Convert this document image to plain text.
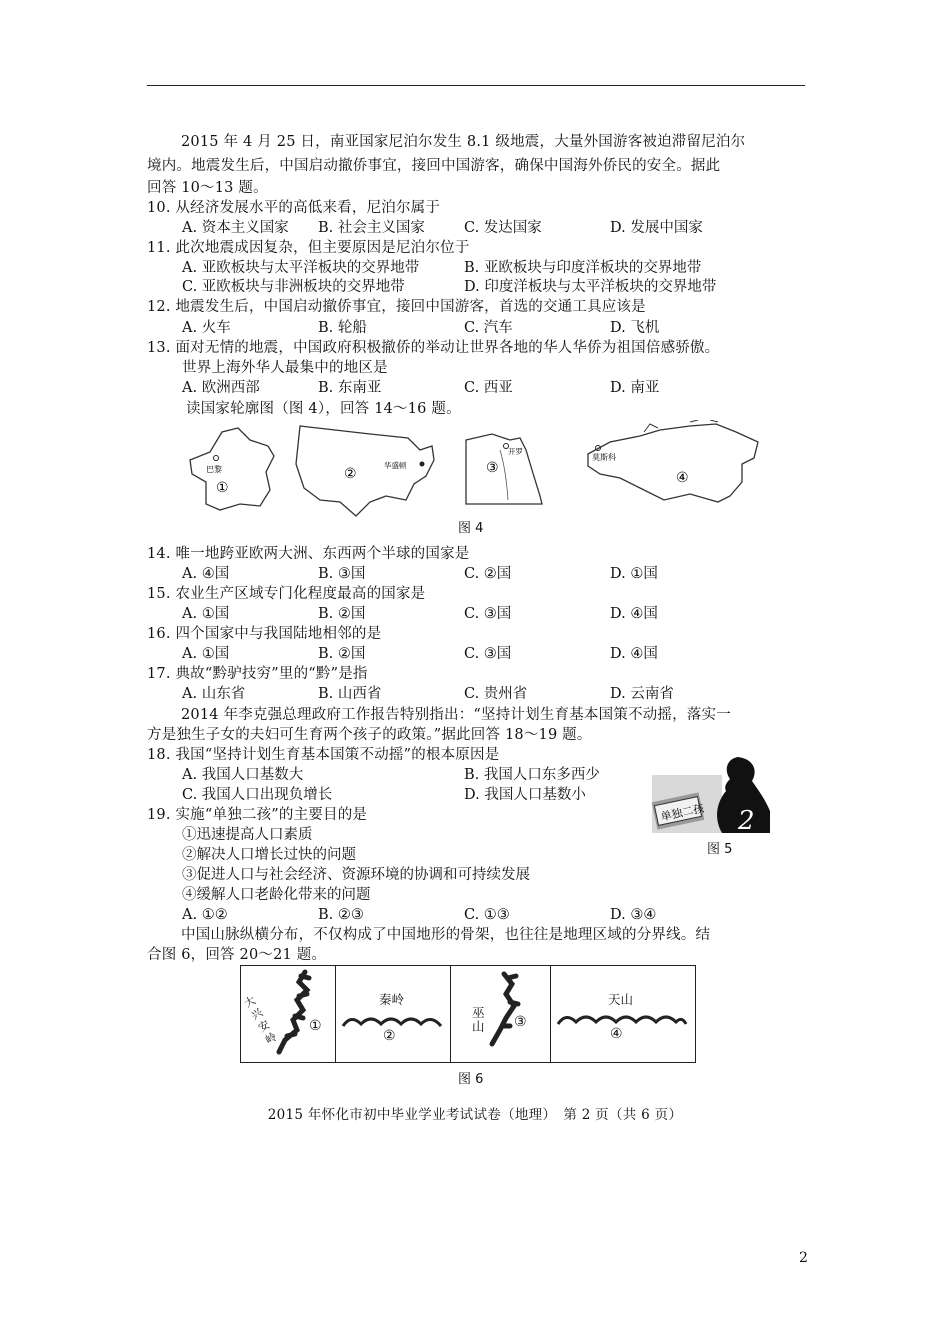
2015 年 4 月 25 日，南亚国家尼泊尔发生 8.1 级地震，大量外国游客被迫滞留尼泊尔
境内。地震发生后，中国启动撤侨事宜，接回中国游客，确保中国海外侨民的安全。据此
回答 10～13 题。
10. 从经济发展水平的高低来看，尼泊尔属于
A. 资本主义国家 B. 社会主义国家	C. 发达国家	D. 发展中国家
11. 此次地震成因复杂，但主要原因是尼泊尔位于
A. 亚欧板块与太平洋板块的交界地带	B. 亚欧板块与印度洋板块的交界地带
C. 亚欧板块与非洲板块的交界地带	D. 印度洋板块与太平洋板块的交界地带
12. 地震发生后，中国启动撤侨事宜，接回中国游客，首选的交通工具应该是
A. 火车	B. 轮船	C. 汽车	D. 飞机
13. 面对无情的地震，中国政府积极撤侨的举动让世界各地的华人华侨为祖国倍感骄傲。
世界上海外华人最集中的地区是
A. 欧洲西部	B. 东南亚	C. 西亚	D. 南亚
读国家轮廓图（图 4），回答 14～16 题。
巴黎
①
华盛顿
②
开罗
③
莫斯科
④
图 4
14. 唯一地跨亚欧两大洲、东西两个半球的国家是
A. ④国	B. ③国	C. ②国	D. ①国
15. 农业生产区域专门化程度最高的国家是
A. ①国	B. ②国	C. ③国	D. ④国
16. 四个国家中与我国陆地相邻的是
A. ①国	B. ②国	C. ③国	D. ④国
17. 典故“黔驴技穷”里的“黔”是指
A. 山东省	B. 山西省	C. 贵州省	D. 云南省
2014 年李克强总理政府工作报告特别指出：“坚持计划生育基本国策不动摇，落实一
方是独生子女的夫妇可生育两个孩子的政策。”据此回答 18～19 题。
18. 我国“坚持计划生育基本国策不动摇”的根本原因是
A. 我国人口基数大	B. 我国人口东多西少
C. 我国人口出现负增长	D. 我国人口基数小
单独二孩 2
图 5
19. 实施“单独二孩”的主要目的是
①迅速提高人口素质
②解决人口增长过快的问题
③促进人口与社会经济、资源环境的协调和可持续发展
④缓解人口老龄化带来的问题
A. ①②	B. ②③	C. ①③	D. ③④
中国山脉纵横分布，不仅构成了中国地形的骨架，也往往是地理区域的分界线。结
合图 6，回答 20～21 题。
大兴安岭
①
秦岭
②
巫山 ③
天山
④
图 6
2015 年怀化市初中毕业学业考试试卷（地理）　第 2 页（共 6 页）
2
